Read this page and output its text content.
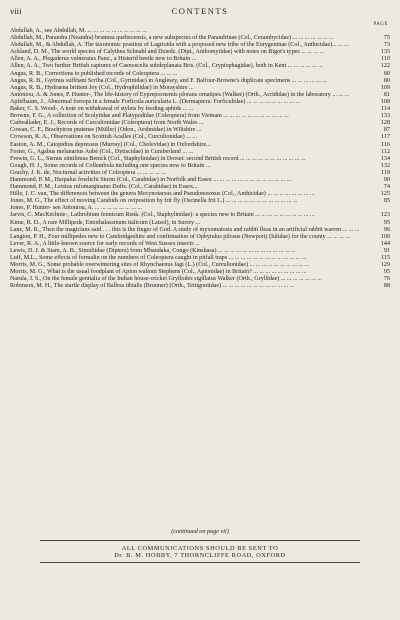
viii	CONTENTS
PAGE
Abdullah, A., see Abdullah, M. ... ... ... ... ... ... ... ... ... ...
Abdullah, M., Parandra (Neandra) brunnea quebecensis, a new subspecies of the Parandrinae (Col., Cerambycidae) ... ... ... ... ... ... ...	75
Abdullah, M., & Abdullah, A. The taxonomic position of Lagrioida with a proposed new tribe of the Eurygeninae (Col., Anthicidae)... ... ...	73
Ackland, D. M., The world species of Calythea Schnabl and Dziedz. (Dipt., Anthomyiidae) with notes on Bigot's types ... ... ... ...	135
Allen, A. A., Plegaderus vulneratus Panz., a Histerid beetle new to Britain ...	110
Allen, A. A., Two further British captures of Caenoscelis subdeplanata Bris. (Col., Cryptophagidae), both in Kent ... ... ... ... ... ...	122
Angus, R. B., Corrections to published records of Coleoptera ... ... ...	80
Angus, R. B., Gyrinus suffriani Scriba (Col., Gyrinidae) in Anglesey, and F. Balfour-Browne's duplicate specimens ... ... ... ... ... ...	80
Angus, R. B., Hydraena britteni Joy (Col., Hydrophilidae) in Morayshire ...	109
Antoniou, A. & Jones, P. Hunter-, The life-history of Eyprepocnemis plorans ornatipes (Walker) (Orth., Acrididae) in the laboratory ... ... ...	81
Apfelbaum, J., Abnormal forceps in a female Forficula auricularia L. (Dermaptera: Forficulidae) ... ... ... ... ... ... ... ... ...	108
Baker, C. S. Wood-, A note on withdrawal of stylets by feeding aphids ... ...	114
Browne, F. G., A collection of Scolytidae and Platypodidae (Coleoptera) from Vietnam ... ... ... ... ... ... ... ... ... ... ...	133
Cadwallader, E. J., Records of Curculionidae (Coleoptera) from North Wales ...	128
Cowan, C. F., Brachytron pratense (Müller) (Odon., Aeshnidae) in Wiltshire ...	87
Crowson, R. A., Observations on Scottish Acalles (Col., Curculionidae) ... ...	117
Easton, A. M., Catopidius depressus (Murray) (Col., Cholevidae) in Oxfordshire...	116
Foster, G., Agabus melanarius Aubé (Col., Dytiscidae) in Cumberland ... ...	112
Frewin, G. L., Stenus similimus Benick (Col., Staphylinidae) in Dorset: second British record ... ... ... ... ... ... ... ... ... ... ...	134
Gough, H. J., Some records of Collembola including one species new to Britain ...	132
Gruchy, J. K. de, Nocturnal activities of Coleoptera ... ... ... ... ...	118
Hammond, P. M., Harpalus froelichi Sturm (Col., Carabidae) in Norfolk and Essex ... ... ... ... ... ... ... ... ... ... ... ... ...	90
Hammond, P. M., Leistus rufomarginatus Dufts. (Col., Carabidae) in Essex...	74
Hille, J. C. van, The differences between the genera Mecynotarsus and Pseudonotoxus (Col., Anthicidae) ... ... ... ... ... ... ... ...	125
Jones, M. G., The effect of moving Carabids on oviposition by frit fly (Oscinella frit L.) ... ... ... ... ... ... ... ... ... ... ... ...	85
Jones, P. Hunter- see Antoniou, A. ... ... ... ... ... ... ... ...
Jarvis, C. MacKechnie-, Lathrobium fennicum Renk. (Col., Staphylinidae): a species new to Britain ... ... ... ... ... ... ... ... ... ...	123
Kime, R. D., A rare Millipede, Entothalassinum italicum (Latzel), in Surrey ...	95
Lane, M. R., Then the magicians said . . . this is the finger of God. A study of myxomatosis and rabbit fleas in an artificial rabbit warren ... ... ...	96
Langton, P. H., Four millipedes new to Cambridgeshire and confirmation of Ophyiulus pilosus (Newport) (Iulidae) for the county ... ... ... ...	109
Lever, R. A., A little-known source for early records of West Sussex insects ...	144
Lewis, D. J. & Stam, A. B., Simuliidae (Diptera) from Mbandaka, Congo (Kinshasa) ... ... ... ... ... ... ... ... ... ... ... ... ...	91
Luff, M.L., Some effects of formalin on the numbers of Coleoptera caught in pitfall traps ... ... ... ... ... ... ... ... ... ... ... ... ...	115
Morris, M. G., Some probable overwintering sites of Rhynchaenus fagi (L.) (Col., Curculionidae) ... ... ... ... ... ... ... ... ... ...	129
Morris, M. G., What is the usual foodplant of Apion waltoni Stephens (Col., Apionidae) in Britain? ... ... ... ... ... ... ... ... ...	95
Narula, J. S., On the female genitalia of the Indian house-cricket Gryllodes sigillatus Walker (Orth., Gryllidae) ... ... ... ... ... ... ...	76
Robinson, M. H., The startle display of Balboa tibialis (Brunner) (Orth., Tettigoniidae) ... ... ... ... ... ... ... ... ... ... ... ...	88
(continued on page vii)
ALL COMMUNICATIONS SHOULD BE SENT TO
Dr. B. M. HOBBY, 7 THORNCLIFFE ROAD, OXFORD
